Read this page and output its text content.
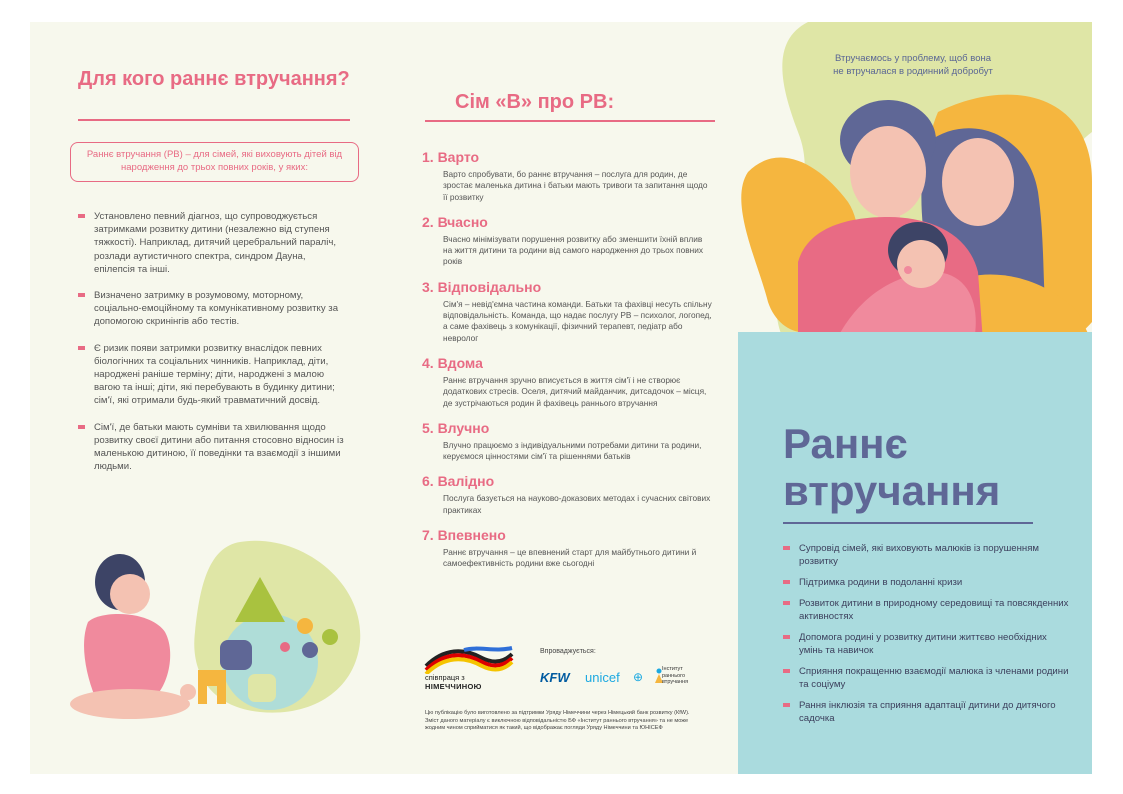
Для кого раннє втручання?
Раннє втручання (РВ) – для сімей, які виховують дітей від народження до трьох повних років, у яких:
Установлено певний діагноз, що супроводжується затримками розвитку дитини (незалежно від ступеня тяжкості). Наприклад, дитячий церебральний параліч, розлади аутистичного спектра, синдром Дауна, епілепсія та інші.
Визначено затримку в розумовому, моторному, соціально-емоційному та комунікативному розвитку за допомогою скринінгів або тестів.
Є ризик появи затримки розвитку внаслідок певних біологічних та соціальних чинників. Наприклад, діти, народжені раніше терміну; діти, народжені з малою вагою та інші; діти, які перебувають в будинку дитини; сім'ї, які отримали будь-який травматичний досвід.
Сім'ї, де батьки мають сумніви та хвилювання щодо розвитку своєї дитини або питання стосовно відносин із маленькою дитиною, її поведінки та взаємодії з іншими людьми.
Сім «В» про РВ:
1. Варто
Варто спробувати, бо раннє втручання – послуга для родин, де зростає маленька дитина і батьки мають тривоги та запитання щодо її розвитку
2. Вчасно
Вчасно мінімізувати порушення розвитку або зменшити їхній вплив на життя дитини та родини від самого народження до трьох повних років
3. Відповідально
Сім'я – невід'ємна частина команди. Батьки та фахівці несуть спільну відповідальність. Команда, що надає послугу РВ – психолог, логопед, а саме фахівець з комунікації, фізичний терапевт, педіатр або невролог
4. Вдома
Раннє втручання зручно вписується в життя сім'ї і не створює додаткових стресів. Оселя, дитячий майданчик, дитсадочок – місця, де зустрічаються родин й фахівець раннього втручання
5. Влучно
Влучно працюємо з індивідуальними потребами дитини та родини, керуємося цінностями сім'ї та рішеннями батьків
6. Валідно
Послуга базується на науково-доказових методах і сучасних світових практиках
7. Впевнено
Раннє втручання – це впевнений старт для майбутнього дитини й самоефективність родини вже сьогодні
співпраця з
НІМЕЧЧИНОЮ
Впроваджується:
KFW unicef ⊕
Інститут
раннього
втручання
Цю публікацію було виготовлено за підтримки Уряду Німеччини через Німецький банк розвитку (КfW). Зміст даного матеріалу є виключною відповідальністю БФ «Інститут раннього втручання» та не може жодним чином сприйматися як такий, що відображає погляди Уряду Німеччини та ЮНІСЕФ
Втручаємось у проблему, щоб вона
не втручалася в родинний добробут
Раннє
втручання
Супровід сімей, які виховують малюків із порушенням розвитку
Підтримка родини в подоланні кризи
Розвиток дитини в природному середовищі та повсякденних активностях
Допомога родині у розвитку дитини життєво необхідних умінь та навичок
Сприяння покращенню взаємодії малюка із членами родини та соціуму
Рання інклюзія та сприяння адаптації дитини до дитячого садочка
